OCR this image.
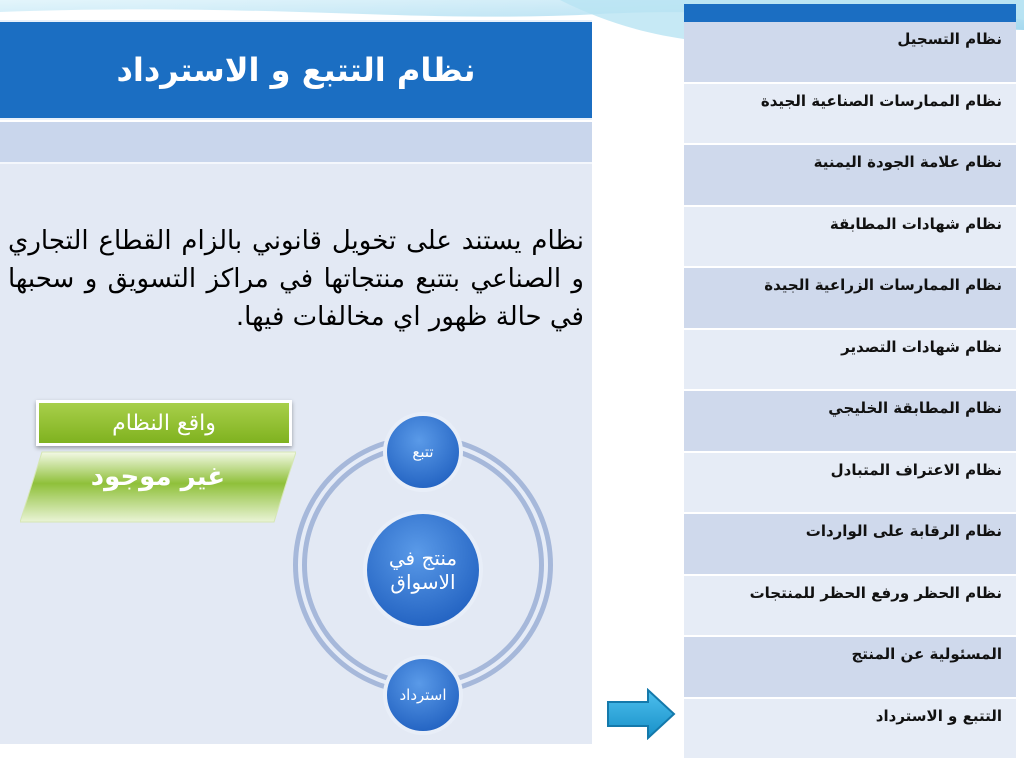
نظام التتبع و الاسترداد
نظام يستند على تخويل قانوني بالزام القطاع التجاري و الصناعي بتتبع منتجاتها في مراكز التسويق و سحبها في حالة ظهور اي مخالفات فيها.
واقع النظام
غير موجود
تتبع
منتج في الاسواق
استرداد
نظام التسجيل
نظام الممارسات الصناعية الجيدة
نظام علامة الجودة اليمنية
نظام شهادات المطابقة
نظام الممارسات الزراعية الجيدة
نظام شهادات التصدير
نظام المطابقة الخليجي
نظام الاعتراف المتبادل
نظام الرقابة على الواردات
نظام الحظر ورفع الحظر للمنتجات
المسئولية عن المنتج
التتبع و الاسترداد
